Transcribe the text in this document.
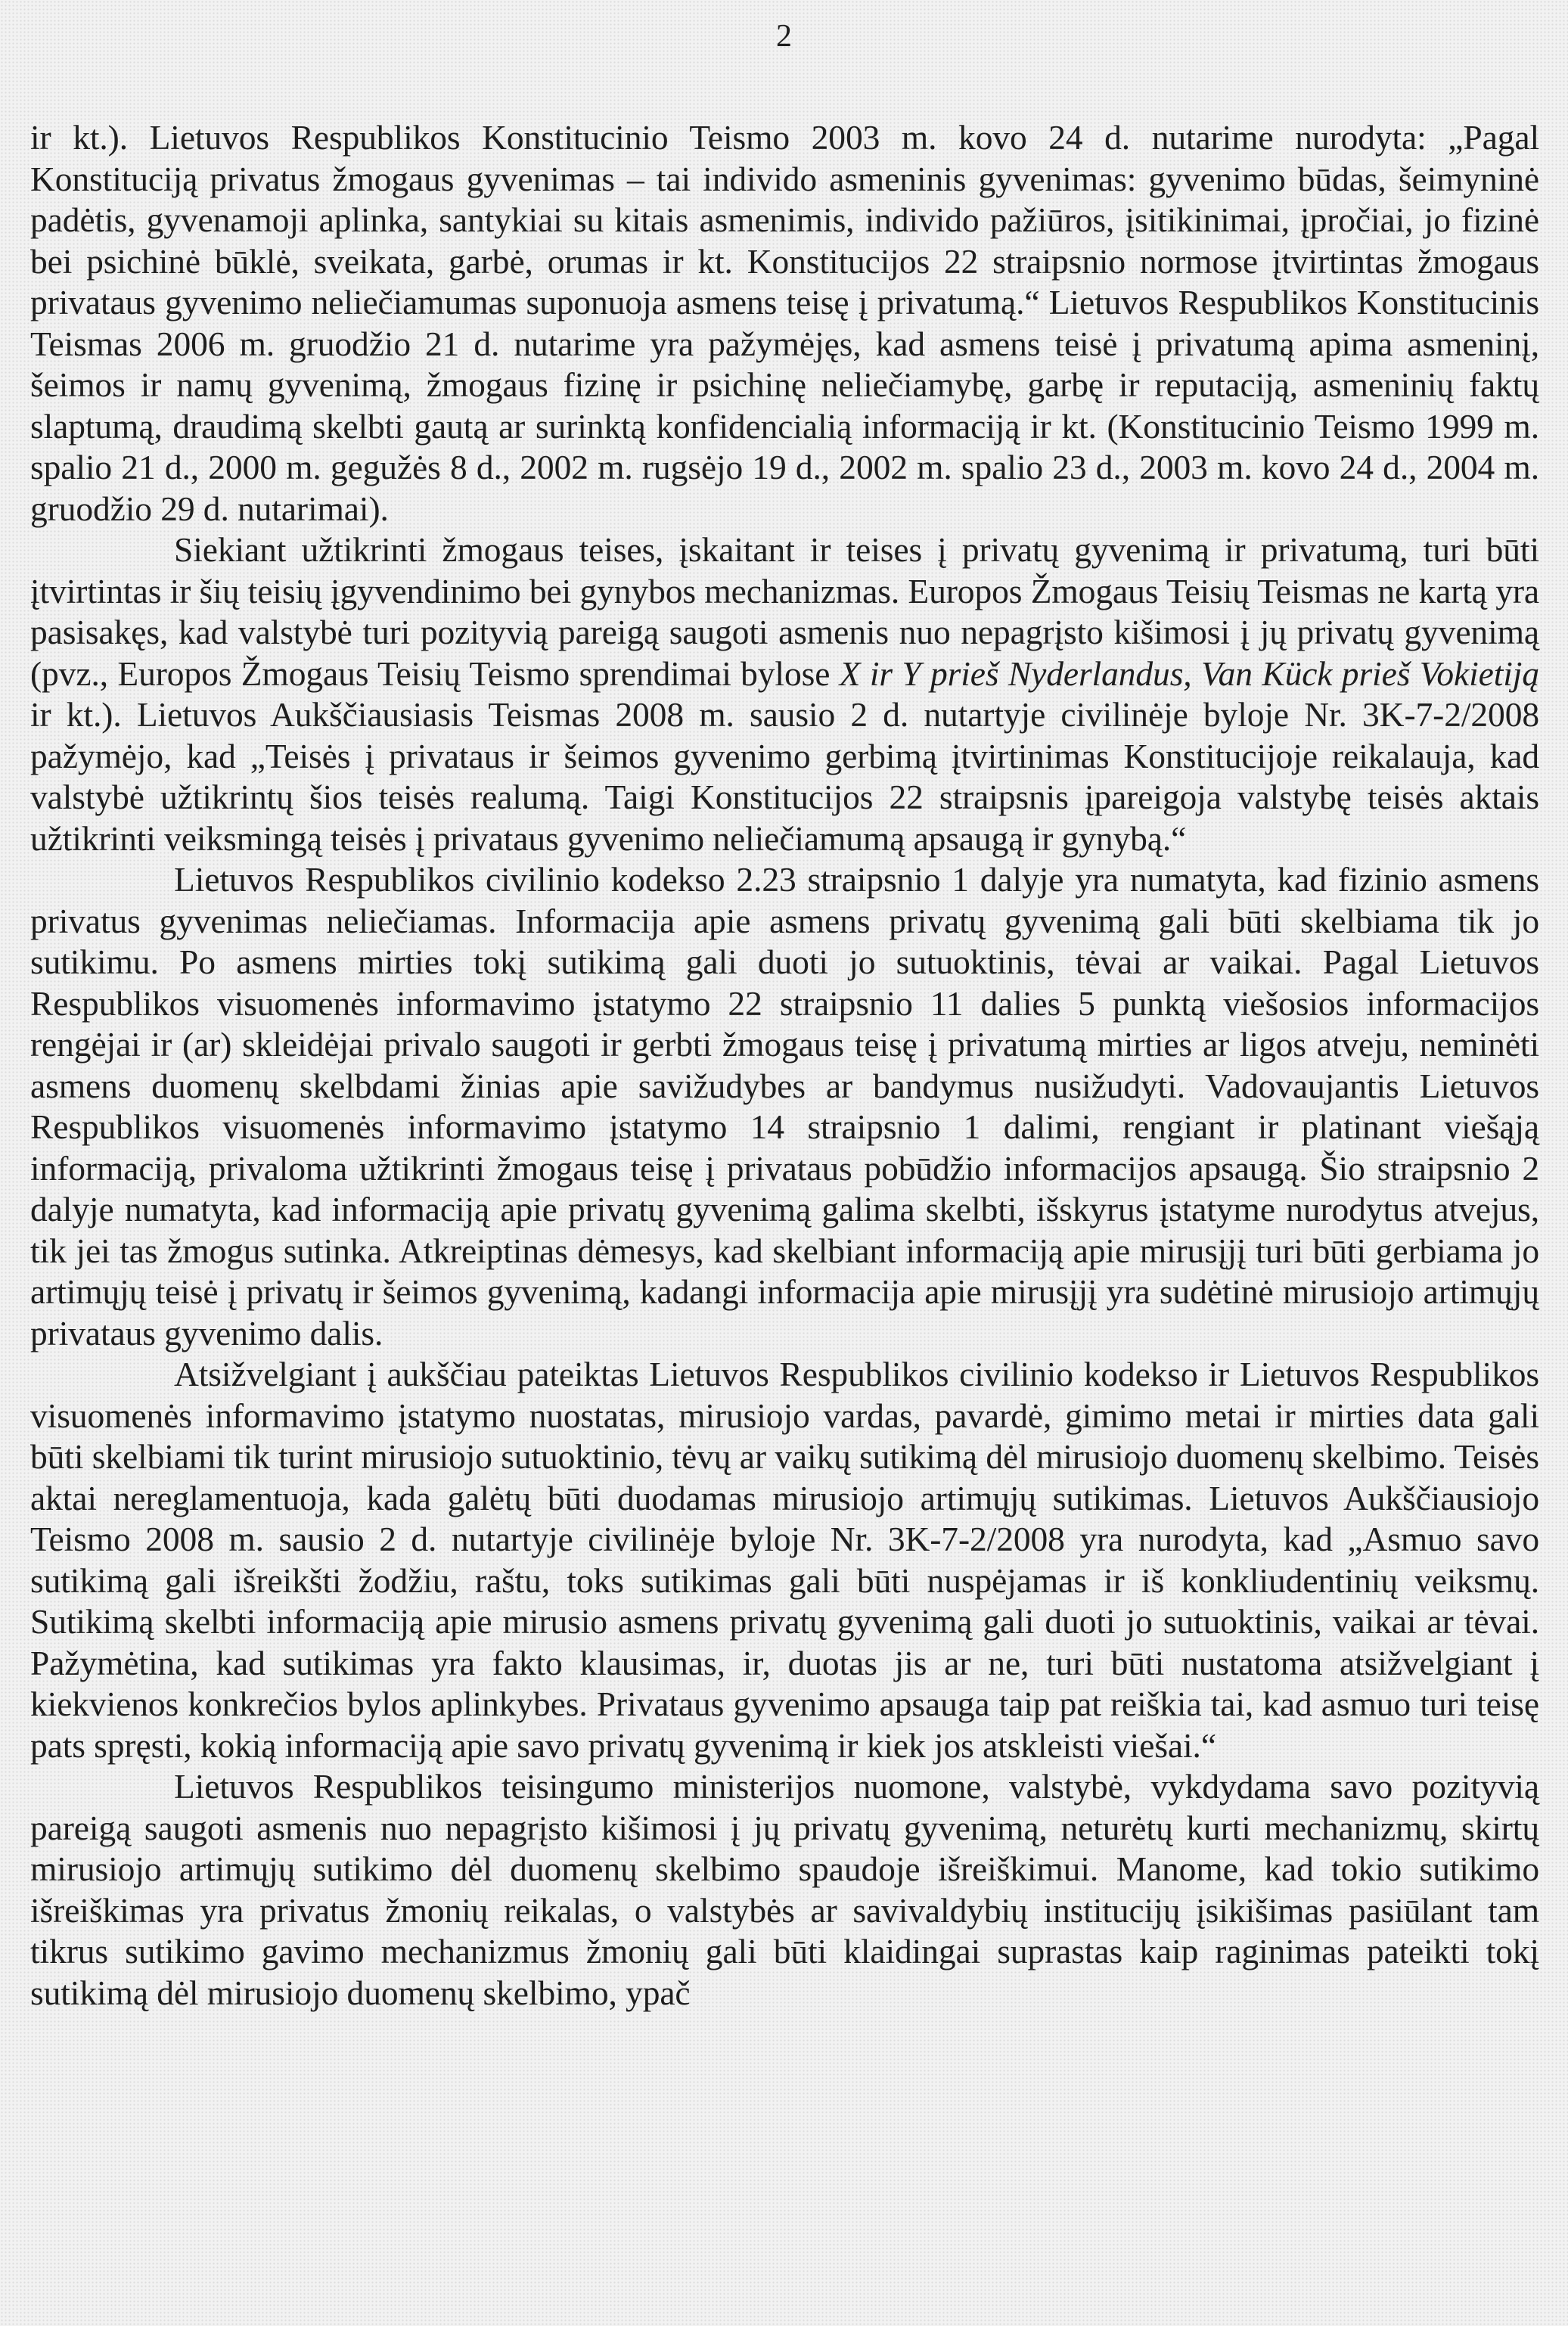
2

ir kt.). Lietuvos Respublikos Konstitucinio Teismo 2003 m. kovo 24 d. nutarime nurodyta: „Pagal Konstituciją privatus žmogaus gyvenimas – tai individo asmeninis gyvenimas: gyvenimo būdas, šeimyninė padėtis, gyvenamoji aplinka, santykiai su kitais asmenimis, individo pažiūros, įsitikinimai, įpročiai, jo fizinė bei psichinė būklė, sveikata, garbė, orumas ir kt. Konstitucijos 22 straipsnio normose įtvirtintas žmogaus privataus gyvenimo neliečiamumas suponuoja asmens teisę į privatumą.“ Lietuvos Respublikos Konstitucinis Teismas 2006 m. gruodžio 21 d. nutarime yra pažymėjęs, kad asmens teisė į privatumą apima asmeninį, šeimos ir namų gyvenimą, žmogaus fizinę ir psichinę neliečiamybę, garbę ir reputaciją, asmeninių faktų slaptumą, draudimą skelbti gautą ar surinktą konfidencialią informaciją ir kt. (Konstitucinio Teismo 1999 m. spalio 21 d., 2000 m. gegužės 8 d., 2002 m. rugsėjo 19 d., 2002 m. spalio 23 d., 2003 m. kovo 24 d., 2004 m. gruodžio 29 d. nutarimai).

Siekiant užtikrinti žmogaus teises, įskaitant ir teises į privatų gyvenimą ir privatumą, turi būti įtvirtintas ir šių teisių įgyvendinimo bei gynybos mechanizmas. Europos Žmogaus Teisių Teismas ne kartą yra pasisakęs, kad valstybė turi pozityvią pareigą saugoti asmenis nuo nepagrįsto kišimosi į jų privatų gyvenimą (pvz., Europos Žmogaus Teisių Teismo sprendimai bylose X ir Y prieš Nyderlandus, Van Kück prieš Vokietiją ir kt.). Lietuvos Aukščiausiasis Teismas 2008 m. sausio 2 d. nutartyje civilinėje byloje Nr. 3K-7-2/2008 pažymėjo, kad „Teisės į privataus ir šeimos gyvenimo gerbimą įtvirtinimas Konstitucijoje reikalauja, kad valstybė užtikrintų šios teisės realumą. Taigi Konstitucijos 22 straipsnis įpareigoja valstybę teisės aktais užtikrinti veiksmingą teisės į privataus gyvenimo neliečiamumą apsaugą ir gynybą.“

Lietuvos Respublikos civilinio kodekso 2.23 straipsnio 1 dalyje yra numatyta, kad fizinio asmens privatus gyvenimas neliečiamas. Informacija apie asmens privatų gyvenimą gali būti skelbiama tik jo sutikimu. Po asmens mirties tokį sutikimą gali duoti jo sutuoktinis, tėvai ar vaikai. Pagal Lietuvos Respublikos visuomenės informavimo įstatymo 22 straipsnio 11 dalies 5 punktą viešosios informacijos rengėjai ir (ar) skleidėjai privalo saugoti ir gerbti žmogaus teisę į privatumą mirties ar ligos atveju, neminėti asmens duomenų skelbdami žinias apie savižudybes ar bandymus nusižudyti. Vadovaujantis Lietuvos Respublikos visuomenės informavimo įstatymo 14 straipsnio 1 dalimi, rengiant ir platinant viešąją informaciją, privaloma užtikrinti žmogaus teisę į privataus pobūdžio informacijos apsaugą. Šio straipsnio 2 dalyje numatyta, kad informaciją apie privatų gyvenimą galima skelbti, išskyrus įstatyme nurodytus atvejus, tik jei tas žmogus sutinka. Atkreiptinas dėmesys, kad skelbiant informaciją apie mirusįjį turi būti gerbiama jo artimųjų teisė į privatų ir šeimos gyvenimą, kadangi informacija apie mirusįjį yra sudėtinė mirusiojo artimųjų privataus gyvenimo dalis.

Atsižvelgiant į aukščiau pateiktas Lietuvos Respublikos civilinio kodekso ir Lietuvos Respublikos visuomenės informavimo įstatymo nuostatas, mirusiojo vardas, pavardė, gimimo metai ir mirties data gali būti skelbiami tik turint mirusiojo sutuoktinio, tėvų ar vaikų sutikimą dėl mirusiojo duomenų skelbimo. Teisės aktai nereglamentuoja, kada galėtų būti duodamas mirusiojo artimųjų sutikimas. Lietuvos Aukščiausiojo Teismo 2008 m. sausio 2 d. nutartyje civilinėje byloje Nr. 3K-7-2/2008 yra nurodyta, kad „Asmuo savo sutikimą gali išreikšti žodžiu, raštu, toks sutikimas gali būti nuspėjamas ir iš konkliudentinių veiksmų. Sutikimą skelbti informaciją apie mirusio asmens privatų gyvenimą gali duoti jo sutuoktinis, vaikai ar tėvai. Pažymėtina, kad sutikimas yra fakto klausimas, ir, duotas jis ar ne, turi būti nustatoma atsižvelgiant į kiekvienos konkrečios bylos aplinkybes. Privataus gyvenimo apsauga taip pat reiškia tai, kad asmuo turi teisę pats spręsti, kokią informaciją apie savo privatų gyvenimą ir kiek jos atskleisti viešai.“

Lietuvos Respublikos teisingumo ministerijos nuomone, valstybė, vykdydama savo pozityvią pareigą saugoti asmenis nuo nepagrįsto kišimosi į jų privatų gyvenimą, neturėtų kurti mechanizmų, skirtų mirusiojo artimųjų sutikimo dėl duomenų skelbimo spaudoje išreiškimui. Manome, kad tokio sutikimo išreiškimas yra privatus žmonių reikalas, o valstybės ar savivaldybių institucijų įsikišimas pasiūlant tam tikrus sutikimo gavimo mechanizmus žmonių gali būti klaidingai suprastas kaip raginimas pateikti tokį sutikimą dėl mirusiojo duomenų skelbimo, ypač
